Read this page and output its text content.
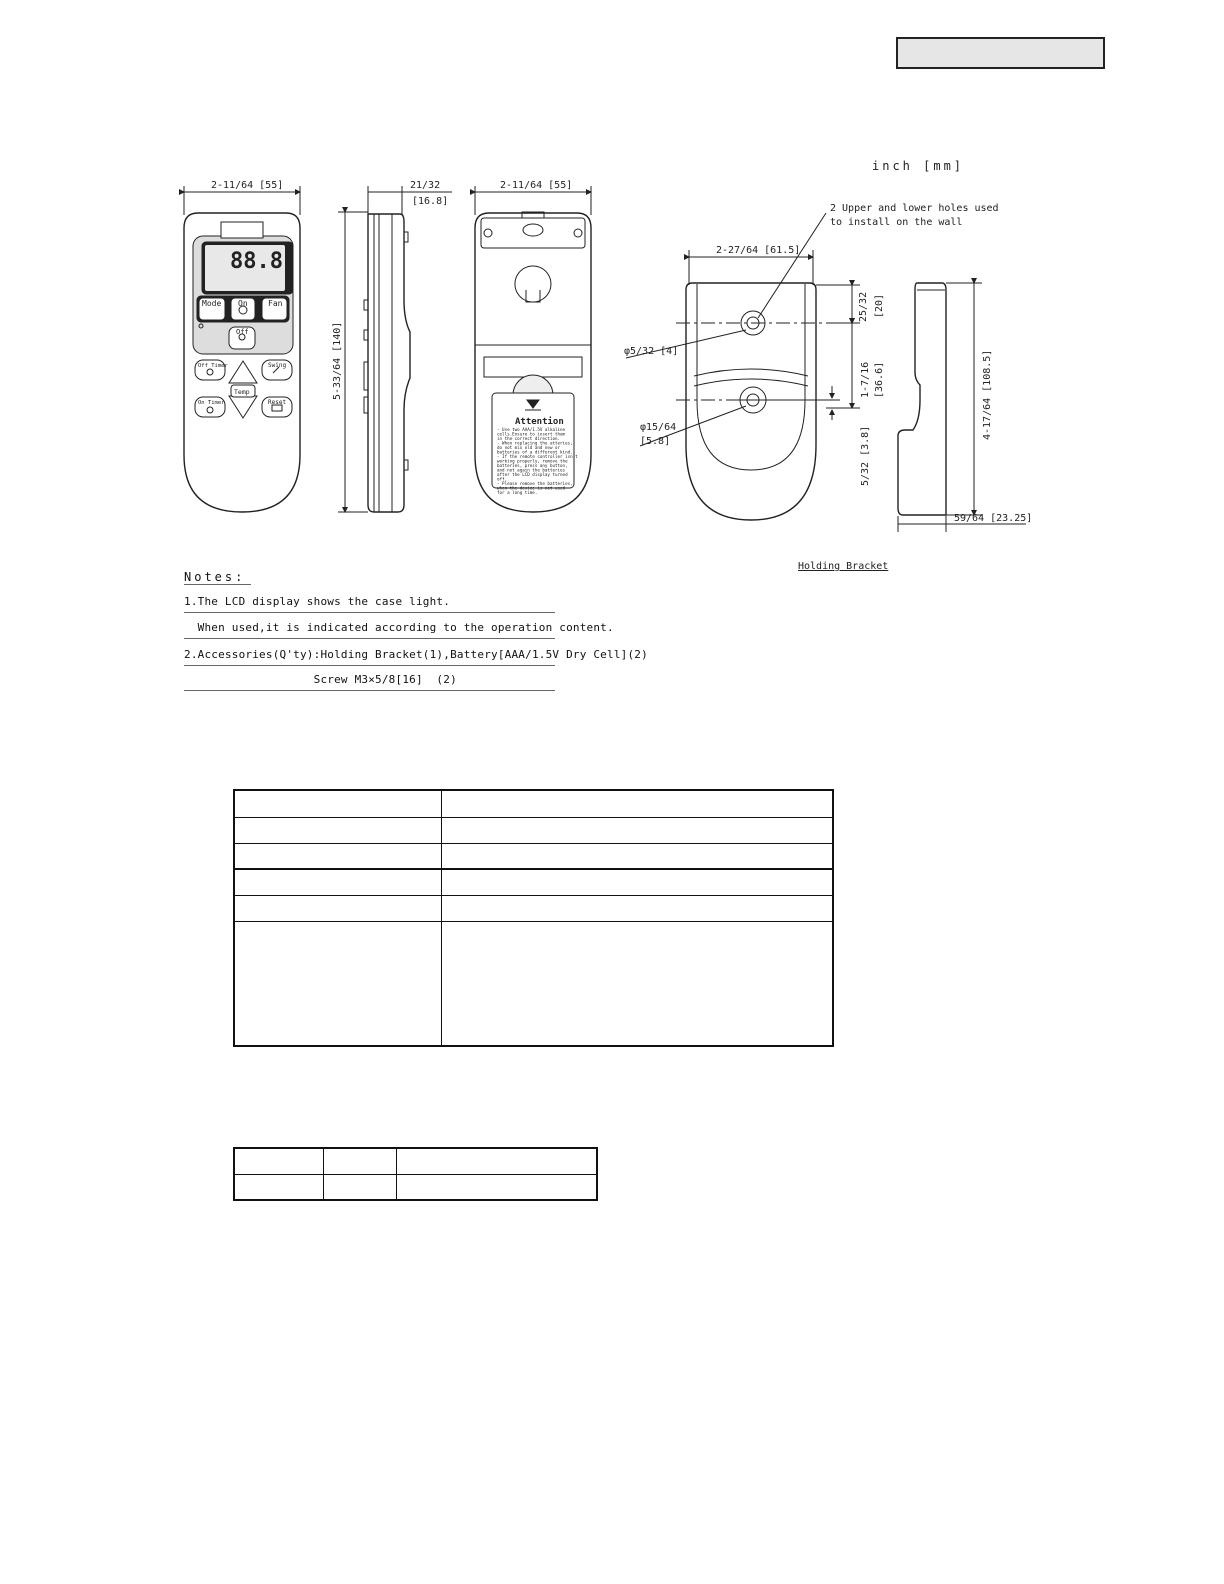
inch [mm]
2-11/64 [55]
88.8
Mode On	Fan
Off
Off Timer	Swing
Temp
On Timer	Reset
21/32
[16.8]
5-33/64 [140]
2-11/64 [55]
Attention
- Use two AAA/1.5V alkaline
cells.Ensure to insert them
in the correct direction.
- When replacing the atteries,
do not mix old and new or
batteries of a different kind.
- If the remote controller isn't
working properly, remove the
batteries, press any button,
and not again the batteries
after the LCD display turned
off.
- Please remove the batteries,
2-27/64 [61.5]
2 Upper and lower holes used
to install on the wall
φ5/32 [4]
φ15/64
[5.8]
25/32 [20]
1-7/16 [36.6]
5/32 [3.8]
4-17/64 [108.5]
59/64 [23.25]
Holding Bracket
when the device is not used
for a long time.
Notes:
1.The LCD display shows the case light.
When used,it is indicated according to the operation content.
2.Accessories(Q'ty):Holding Bracket(1),Battery[AAA/1.5V Dry Cell](2)
Screw M3×5/8[16]  (2)
